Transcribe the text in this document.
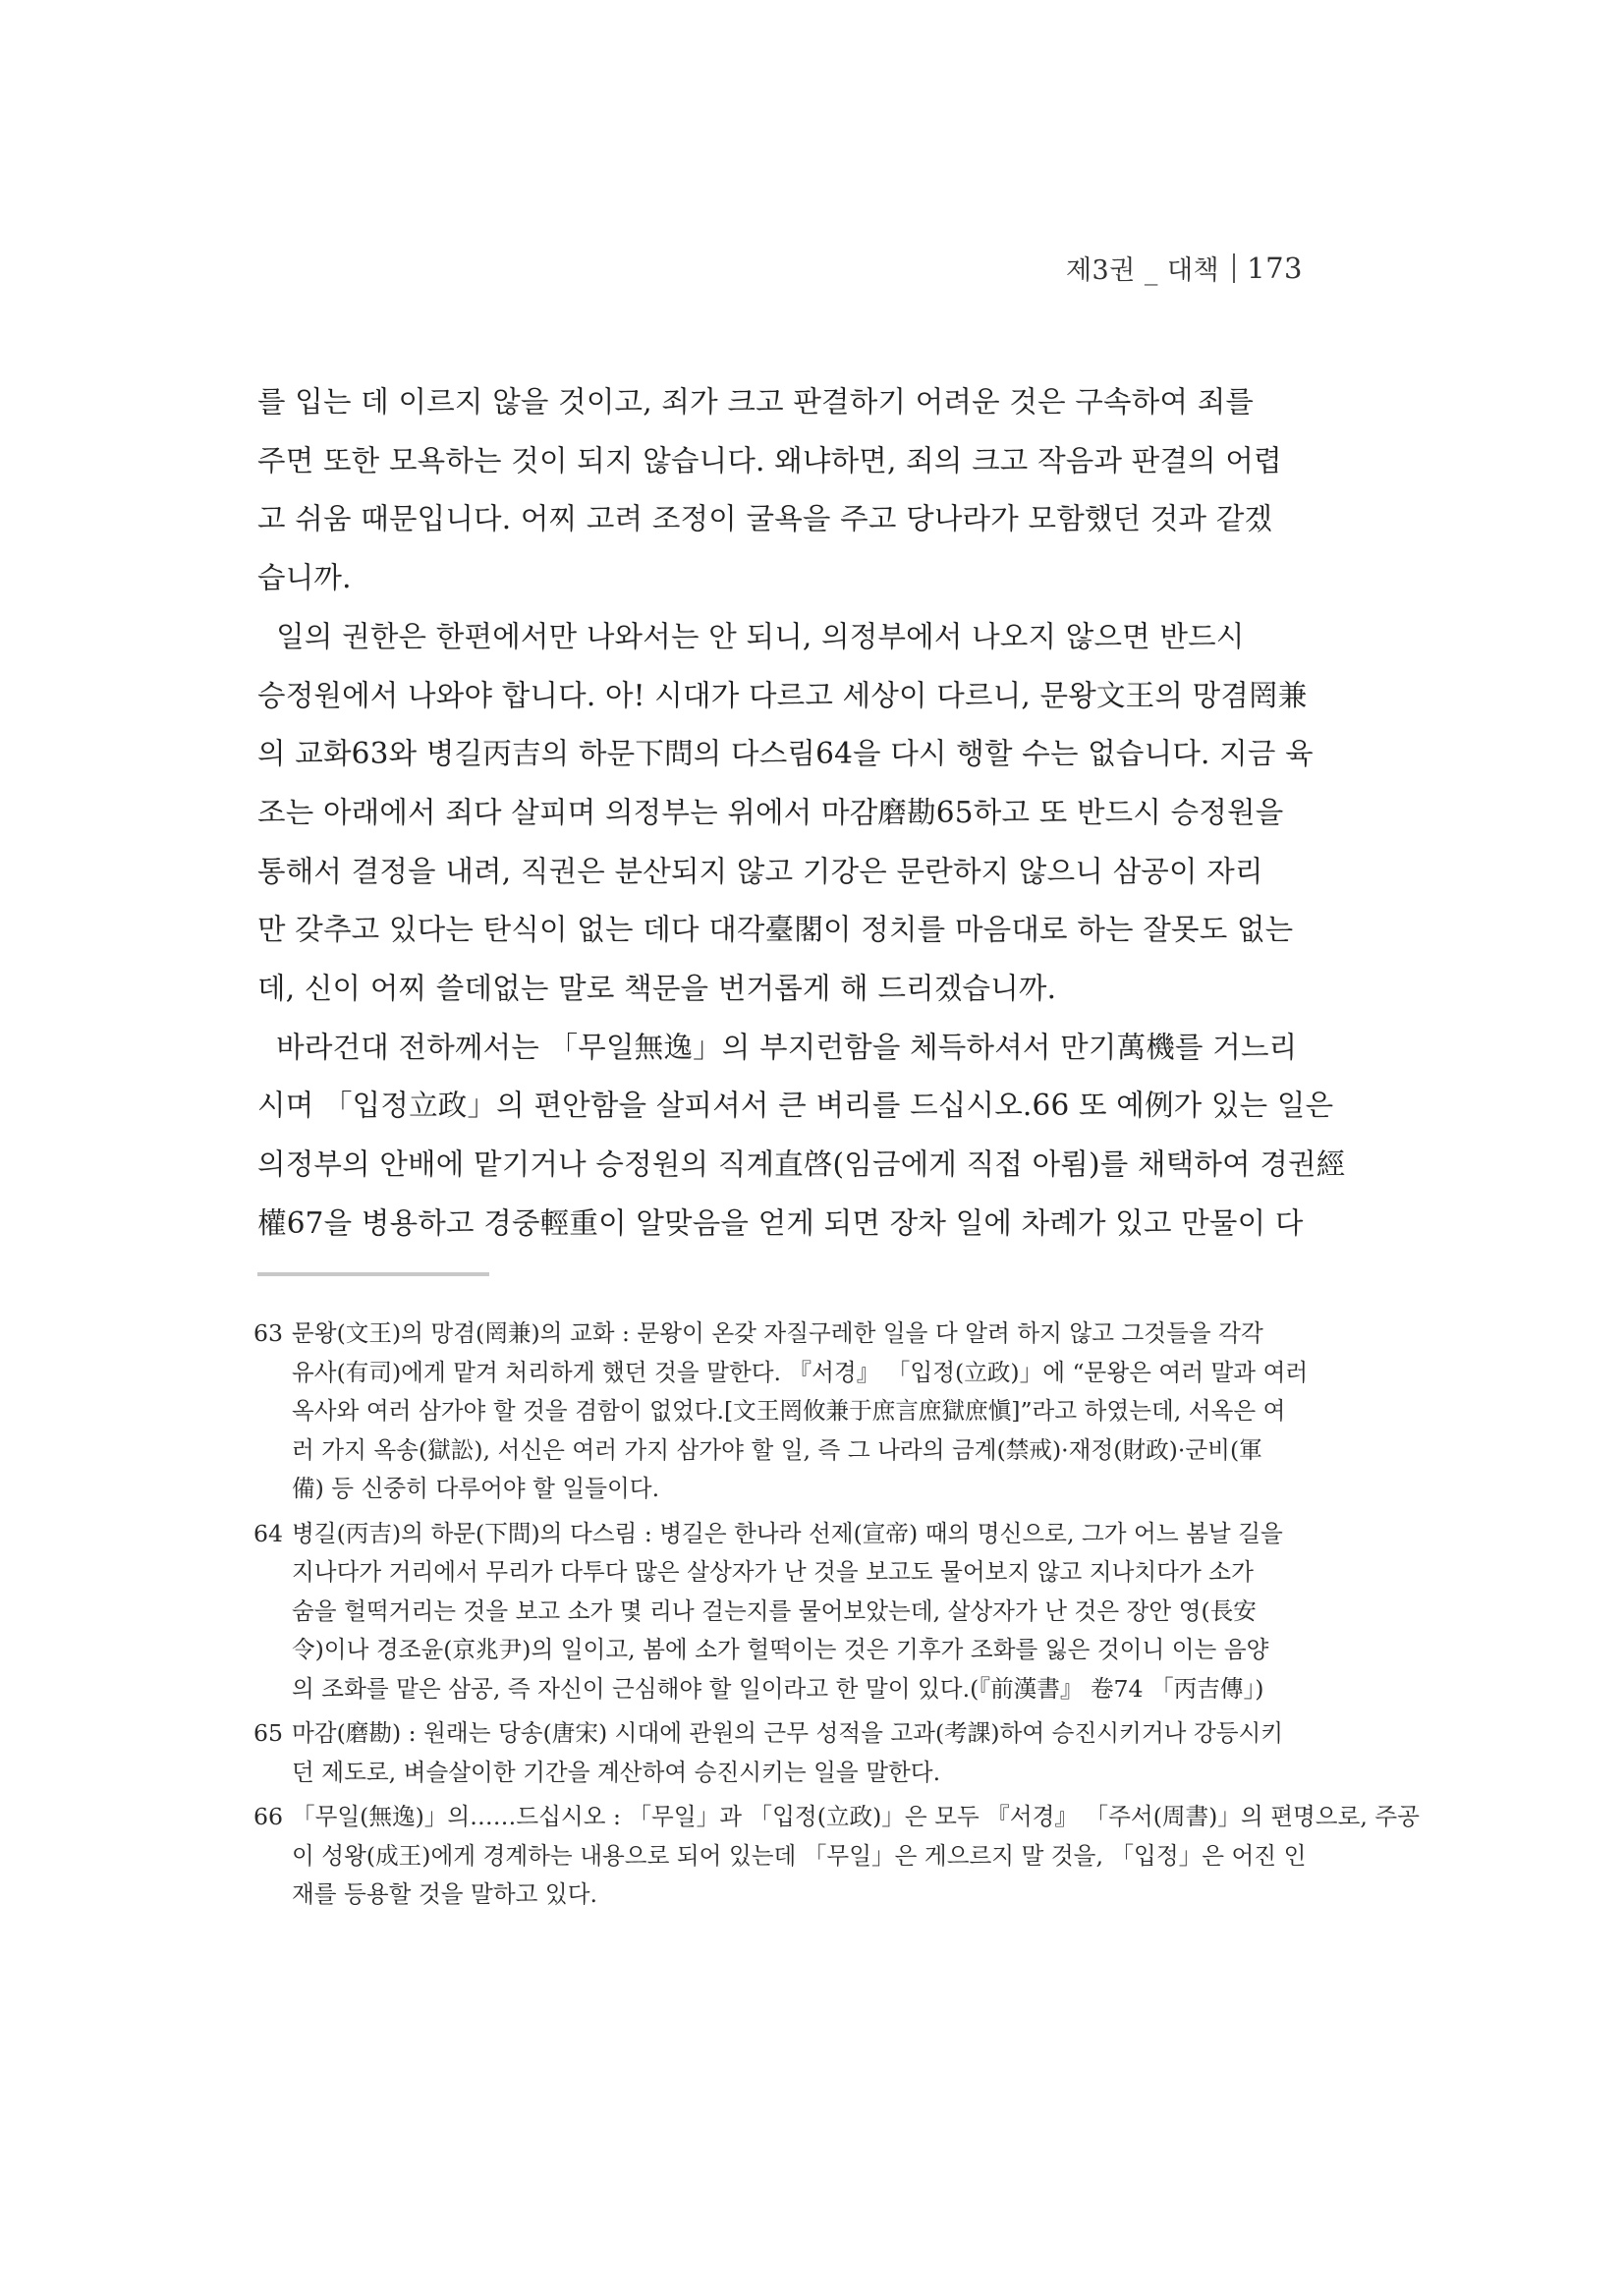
제3권 _ 대책 173
를 입는 데 이르지 않을 것이고, 죄가 크고 판결하기 어려운 것은 구속하여 죄를
주면 또한 모욕하는 것이 되지 않습니다. 왜냐하면, 죄의 크고 작음과 판결의 어렵
고 쉬움 때문입니다. 어찌 고려 조정이 굴욕을 주고 당나라가 모함했던 것과 같겠
습니까.
일의 권한은 한편에서만 나와서는 안 되니, 의정부에서 나오지 않으면 반드시
승정원에서 나와야 합니다. 아! 시대가 다르고 세상이 다르니, 문왕文王의 망겸罔兼
의 교화63와 병길丙吉의 하문下問의 다스림64을 다시 행할 수는 없습니다. 지금 육
조는 아래에서 죄다 살피며 의정부는 위에서 마감磨勘65하고 또 반드시 승정원을
통해서 결정을 내려, 직권은 분산되지 않고 기강은 문란하지 않으니 삼공이 자리
만 갖추고 있다는 탄식이 없는 데다 대각臺閣이 정치를 마음대로 하는 잘못도 없는
데, 신이 어찌 쓸데없는 말로 책문을 번거롭게 해 드리겠습니까.
바라건대 전하께서는 「무일無逸」의 부지런함을 체득하셔서 만기萬機를 거느리
시며 「입정立政」의 편안함을 살피셔서 큰 벼리를 드십시오.66 또 예例가 있는 일은
의정부의 안배에 맡기거나 승정원의 직계直啓(임금에게 직접 아룀)를 채택하여 경권經
權67을 병용하고 경중輕重이 알맞음을 얻게 되면 장차 일에 차례가 있고 만물이 다
63 문왕(文王)의 망겸(罔兼)의 교화 : 문왕이 온갖 자질구레한 일을 다 알려 하지 않고 그것들을 각각
유사(有司)에게 맡겨 처리하게 했던 것을 말한다. 『서경』 「입정(立政)」에 “문왕은 여러 말과 여러
옥사와 여러 삼가야 할 것을 겸함이 없었다.[文王罔攸兼于庶言庶獄庶愼]”라고 하였는데, 서옥은 여
러 가지 옥송(獄訟), 서신은 여러 가지 삼가야 할 일, 즉 그 나라의 금계(禁戒)·재정(財政)·군비(軍
備) 등 신중히 다루어야 할 일들이다.
64 병길(丙吉)의 하문(下問)의 다스림 : 병길은 한나라 선제(宣帝) 때의 명신으로, 그가 어느 봄날 길을
지나다가 거리에서 무리가 다투다 많은 살상자가 난 것을 보고도 물어보지 않고 지나치다가 소가
숨을 헐떡거리는 것을 보고 소가 몇 리나 걸는지를 물어보았는데, 살상자가 난 것은 장안 영(長安
令)이나 경조윤(京兆尹)의 일이고, 봄에 소가 헐떡이는 것은 기후가 조화를 잃은 것이니 이는 음양
의 조화를 맡은 삼공, 즉 자신이 근심해야 할 일이라고 한 말이 있다.(『前漢書』 卷74 「丙吉傳」)
65 마감(磨勘) : 원래는 당송(唐宋) 시대에 관원의 근무 성적을 고과(考課)하여 승진시키거나 강등시키
던 제도로, 벼슬살이한 기간을 계산하여 승진시키는 일을 말한다.
66 「무일(無逸)」의……드십시오 : 「무일」과 「입정(立政)」은 모두 『서경』 「주서(周書)」의 편명으로, 주공
이 성왕(成王)에게 경계하는 내용으로 되어 있는데 「무일」은 게으르지 말 것을, 「입정」은 어진 인
재를 등용할 것을 말하고 있다.
